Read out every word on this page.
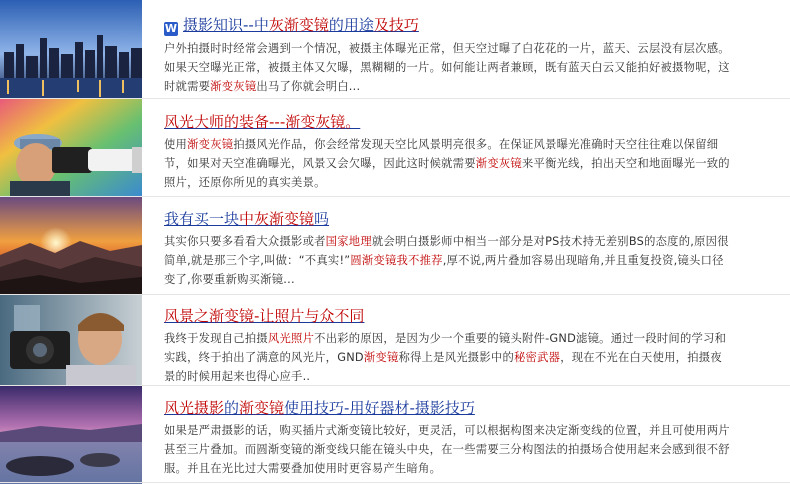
W 摄影知识--中灰渐变镜的用途及技巧
户外拍摄时时经常会遇到一个情况，被摄主体曝光正常，但天空过曝了白花花的一片，蓝天、云层没有层次感。如果天空曝光正常，被摄主体又欠曝，黑糊糊的一片。如何能让两者兼顾，既有蓝天白云又能拍好被摄物呢，这时就需要渐变灰镜出马了你就会明白...
风光大师的装备---渐变灰镜。
使用渐变灰镜拍摄风光作品，你会经常发现天空比风景明亮很多。在保证风景曝光准确时天空往往难以保留细节，如果对天空准确曝光，风景又会欠曝，因此这时候就需要渐变灰镜来平衡光线，拍出天空和地面曝光一致的照片，还原你所见的真实美景。
我有买一块中灰渐变镜吗
其实你只要多看看大众摄影或者国家地理就会明白摄影师中相当一部分是对PS技术持无差别BS的态度的,原因很简单,就是那三个字,叫做：“不真实!”圆渐变镜我不推荐,厚不说,两片叠加容易出现暗角,并且重复投资,镜头口径变了,你要重新购买渐镜...
风景之渐变镜-让照片与众不同
我终于发现自己拍摄风光照片不出彩的原因，是因为少一个重要的镜头附件-GND滤镜。通过一段时间的学习和实践，终于拍出了满意的风光片，GND渐变镜称得上是风光摄影中的秘密武器，现在不光在白天使用，拍摄夜景的时候用起来也得心应手..
风光摄影的渐变镜使用技巧-用好器材-摄影技巧
如果是严肃摄影的话，购买插片式渐变镜比较好，更灵活，可以根据构图来决定渐变线的位置，并且可使用两片甚至三片叠加。而圆渐变镜的渐变线只能在镜头中央，在一些需要三分构图法的拍摄场合使用起来会感到很不舒服。并且在光比过大需要叠加使用时更容易产生暗角。
